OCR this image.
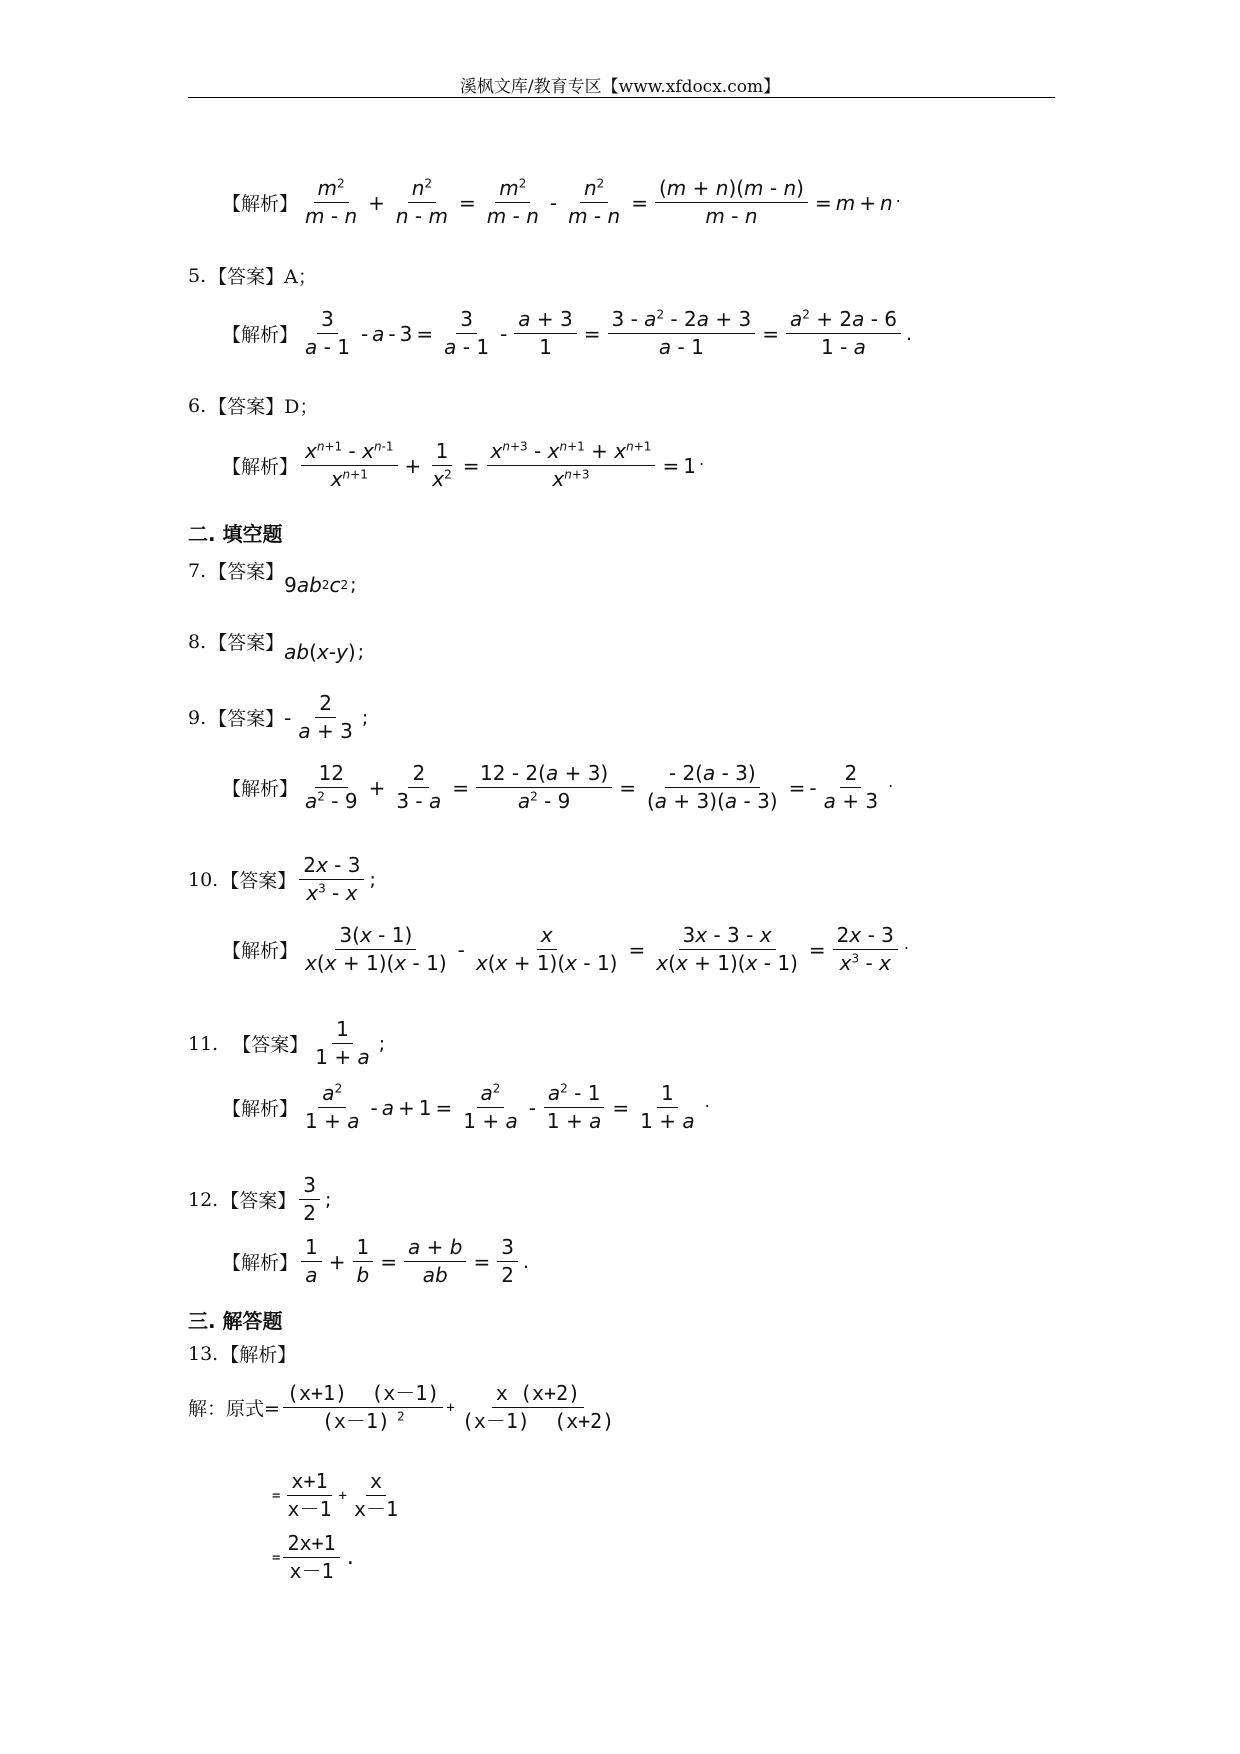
溪枫文库/教育专区【www.xfdocx.com】
【解析】
$m^2$
m - n
+ $\frac{n^2}{n - m} = \frac{m^2}{m - n} - \frac{n^2}{m - n} = \frac{(m + n)(m - n)}{m - n} = m + n$ .
5. 【答案】 A；
【解析】
3
a - 1
- $a - 3 = \frac{3}{a - 1} - \frac{a + 3}{1} = \frac{3 - a^2 - 2a + 3}{a - 1} = \frac{a^2 + 2a - 6}{1 - a}$ .
6. 【答案】 D；
【解析】
$x^{n+1} - x^{n-1}$
$x^{n+1} + \frac{1}{x^2} = \frac{x^{n+3} - x^{n+1} + x^{n+1}}{x^{n+3}} = 1$ .
二. 填空题
7. 【答案】
9 ab 2 c 2 ;
8. 【答案】 ab ( x - y ) ;
9. 【答案】 -
2
a + 3
;
【解析】
12
$a^2 - 9$
+ $\frac{2}{3 - a} = \frac{12 - 2(a + 3)}{a^2 - 9} = \frac{- 2(a - 3)}{(a + 3)(a - 3)}$ = - $\frac{2}{a + 3}$ .
10. 【答案】
2x - 3
$x^3$ - x
;
【解析】
3(x - 1)
x(x + 1)(x - 1)
- $\frac{x}{x(x + 1)(x - 1)} = \frac{3x - 3 - x}{x(x + 1)(x - 1)} = \frac{2x - 3}{x^3 - x}$ .
11. 【答案】
1
1 + a
;
【解析】
$a^2$
1 + a
- $a + 1 = \frac{a^2}{1 + a} - \frac{a^2 - 1}{1 + a} = \frac{1}{1 + a}$ .
12. 【答案】
3
2
;
【解析】
1
a
+ $\frac{1}{b} = \frac{a + b}{ab} = \frac{3}{2}$ .
三. 解答题
13. 【解析】
解：原式=
(x+1)  (x－1)
(x－1) $^2$
+ $\frac{x (x+2)}{(x-1) (x+2)}$
= $\frac{x+1}{x-1} + \frac{x}{x-1}$
= $\frac{2x+1}{x-1}$ .
